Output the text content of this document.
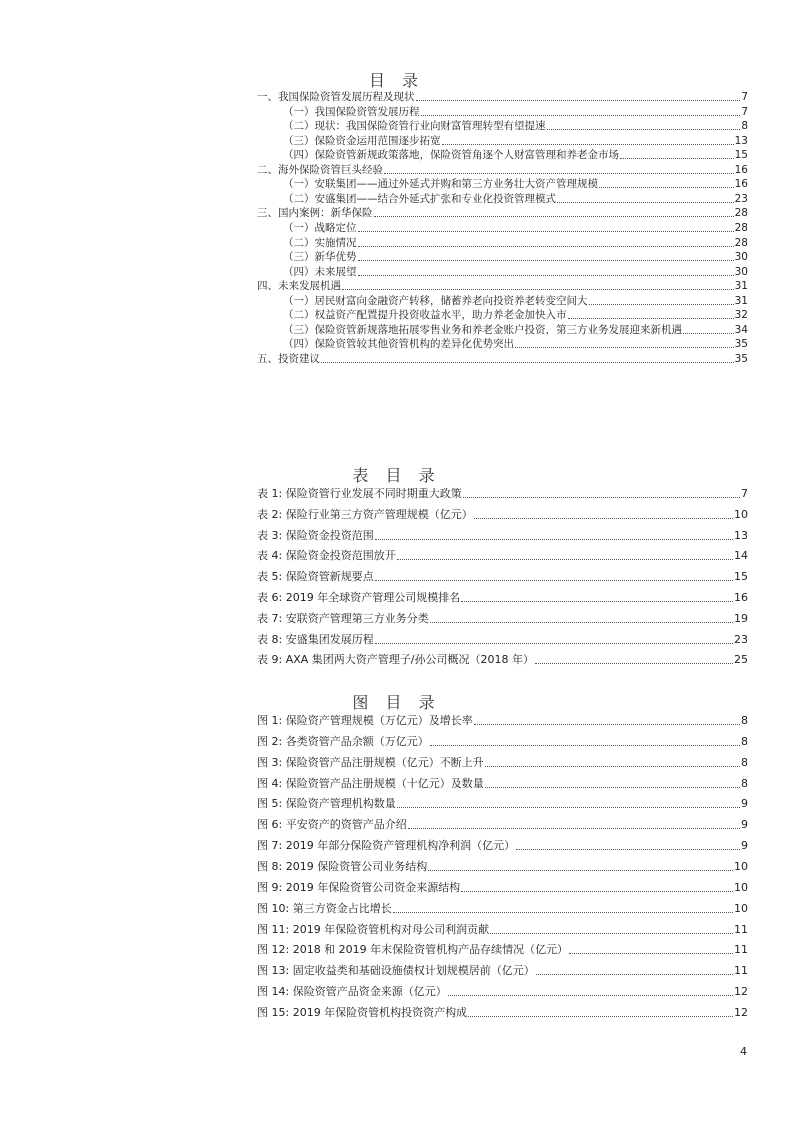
目 录
一、我国保险资管发展历程及现状	7
（一）我国保险资管发展历程	7
（二）现状：我国保险资管行业向财富管理转型有望提速	8
（三）保险资金运用范围逐步拓宽	13
（四）保险资管新规政策落地，保险资管角逐个人财富管理和养老金市场	15
二、海外保险资管巨头经验	16
（一）安联集团——通过外延式并购和第三方业务壮大资产管理规模	16
（二）安盛集团——结合外延式扩张和专业化投资管理模式	23
三、国内案例：新华保险	28
（一）战略定位	28
（二）实施情况	28
（三）新华优势	30
（四）未来展望	30
四、未来发展机遇	31
（一）居民财富向金融资产转移，储蓄养老向投资养老转变空间大	31
（二）权益资产配置提升投资收益水平，助力养老金加快入市	32
（三）保险资管新规落地拓展零售业务和养老金账户投资，第三方业务发展迎来新机遇	34
（四）保险资管较其他资管机构的差异化优势突出	35
五、投资建议	35
表 目 录
表 1: 保险资管行业发展不同时期重大政策	7
表 2: 保险行业第三方资产管理规模（亿元）	10
表 3: 保险资金投资范围	13
表 4: 保险资金投资范围放开	14
表 5: 保险资管新规要点	15
表 6: 2019 年全球资产管理公司规模排名	16
表 7: 安联资产管理第三方业务分类	19
表 8: 安盛集团发展历程	23
表 9: AXA 集团两大资产管理子/孙公司概况（2018 年）	25
图 目 录
图 1: 保险资产管理规模（万亿元）及增长率	8
图 2: 各类资管产品余额（万亿元）	8
图 3: 保险资管产品注册规模（亿元）不断上升	8
图 4: 保险资管产品注册规模（十亿元）及数量	8
图 5: 保险资产管理机构数量	9
图 6: 平安资产的资管产品介绍	9
图 7: 2019 年部分保险资产管理机构净利润（亿元）	9
图 8: 2019 保险资管公司业务结构	10
图 9: 2019 年保险资管公司资金来源结构	10
图 10: 第三方资金占比增长	10
图 11: 2019 年保险资管机构对母公司利润贡献	11
图 12: 2018 和 2019 年末保险资管机构产品存续情况（亿元）	11
图 13: 固定收益类和基础设施债权计划规模居前（亿元）	11
图 14: 保险资管产品资金来源（亿元）	12
图 15: 2019 年保险资管机构投资资产构成	12
4
